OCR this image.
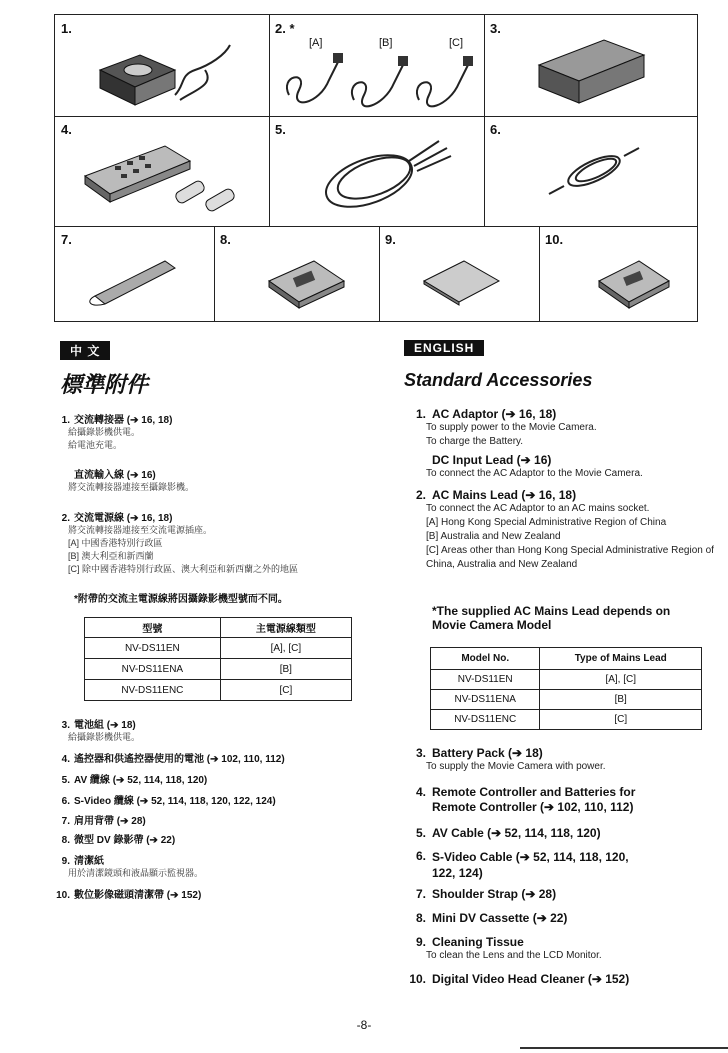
1.	2. *
[A]	[B]	[C]
3.
4.	5.	6.
7.	8.	9.	10.
中 文	ENGLISH
標準附件	Standard Accessories
1. 交流轉接器 (➔ 16, 18)
給攝錄影機供電。
給電池充電。
直流輸入線 (➔ 16)
將交流轉接器連接至攝錄影機。
2. 交流電源線 (➔ 16, 18)
將交流轉接器連接至交流電源插座。
[A] 中國香港特別行政區
[B] 澳大利亞和新西蘭
[C] 除中國香港特別行政區、澳大利亞和新西蘭之外的地區
*附帶的交流主電源線將因攝錄影機型號而不同。
型號	主電源線類型
NV-DS11EN	[A], [C]
NV-DS11ENA	[B]
NV-DS11ENC	[C]
3. 電池組 (➔ 18)
給攝錄影機供電。
4. 遙控器和供遙控器使用的電池 (➔ 102, 110, 112)
5. AV 纜線 (➔ 52, 114, 118, 120)
6. S-Video 纜線 (➔ 52, 114, 118, 120, 122, 124)
7. 肩用背帶 (➔ 28)
8. 微型 DV 錄影帶 (➔ 22)
9. 清潔紙
用於清潔鏡頭和液晶顯示監視器。
10. 數位影像磁頭清潔帶 (➔ 152)
1. AC Adaptor (➔ 16, 18)
To supply power to the Movie Camera.
To charge the Battery.
DC Input Lead (➔ 16)
To connect the AC Adaptor to the Movie Camera.
2. AC Mains Lead (➔ 16, 18)
To connect the AC Adaptor to an AC mains socket.
[A] Hong Kong Special Administrative Region of China
[B] Australia and New Zealand
[C] Areas other than Hong Kong Special Administrative Region of China, Australia and New Zealand
*The supplied AC Mains Lead depends on Movie Camera Model
Model No.	Type of Mains Lead
NV-DS11EN	[A], [C]
NV-DS11ENA	[B]
NV-DS11ENC	[C]
3. Battery Pack (➔ 18)
To supply the Movie Camera with power.
4. Remote Controller and Batteries for Remote Controller (➔ 102, 110, 112)
5. AV Cable (➔ 52, 114, 118, 120)
6. S-Video Cable (➔ 52, 114, 118, 120, 122, 124)
7. Shoulder Strap (➔ 28)
8. Mini DV Cassette (➔ 22)
9. Cleaning Tissue
To clean the Lens and the LCD Monitor.
10. Digital Video Head Cleaner (➔ 152)
-8-
